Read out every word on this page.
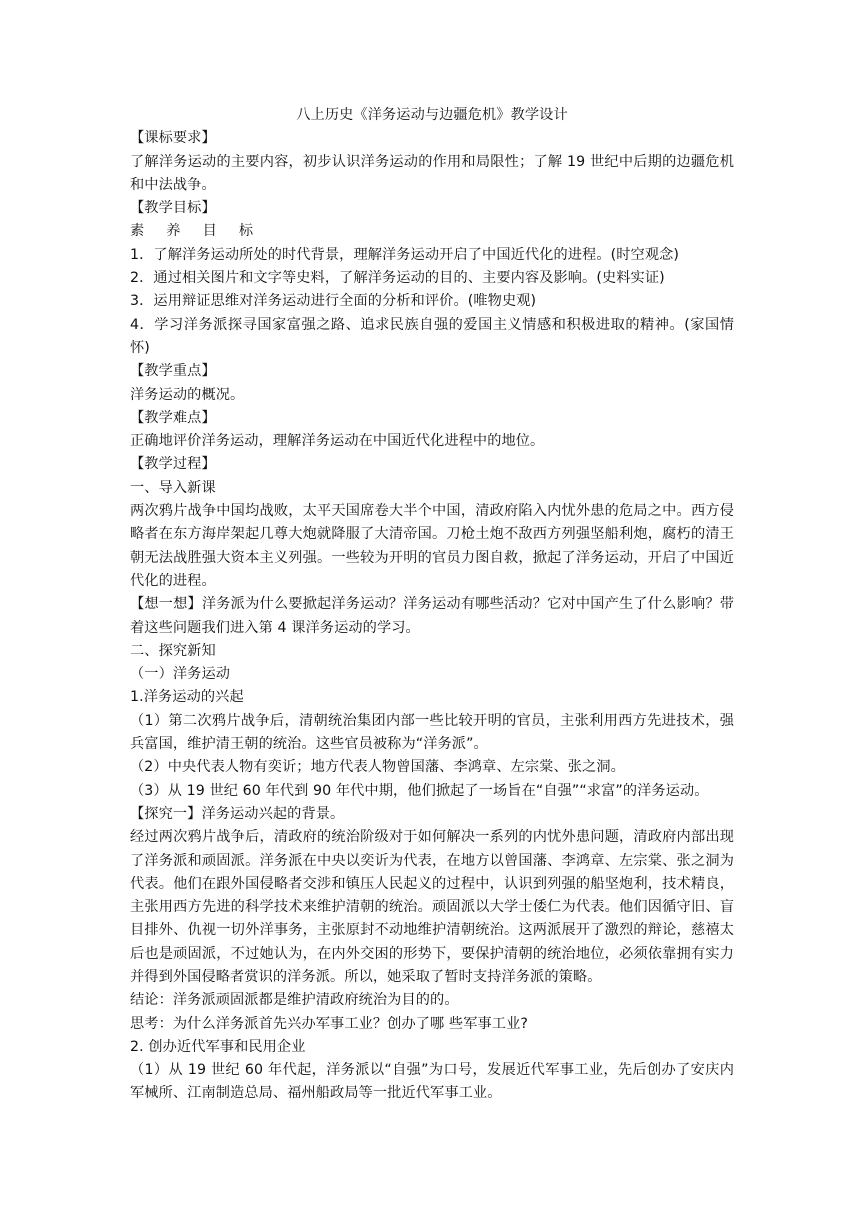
八上历史《洋务运动与边疆危机》教学设计
【课标要求】
了解洋务运动的主要内容，初步认识洋务运动的作用和局限性；了解 19 世纪中后期的边疆危机和中法战争。
【教学目标】
素 养 目 标
1．了解洋务运动所处的时代背景，理解洋务运动开启了中国近代化的进程。(时空观念)
2．通过相关图片和文字等史料，了解洋务运动的目的、主要内容及影响。(史料实证)
3．运用辩证思维对洋务运动进行全面的分析和评价。(唯物史观)
4．学习洋务派探寻国家富强之路、追求民族自强的爱国主义情感和积极进取的精神。(家国情怀)
【教学重点】
洋务运动的概况。
【教学难点】
正确地评价洋务运动，理解洋务运动在中国近代化进程中的地位。
【教学过程】
一、导入新课
两次鸦片战争中国均战败，太平天国席卷大半个中国，清政府陷入内忧外患的危局之中。西方侵略者在东方海岸架起几尊大炮就降服了大清帝国。刀枪土炮不敌西方列强坚船利炮，腐朽的清王朝无法战胜强大资本主义列强。一些较为开明的官员力图自救，掀起了洋务运动，开启了中国近代化的进程。
【想一想】洋务派为什么要掀起洋务运动？洋务运动有哪些活动？它对中国产生了什么影响？带着这些问题我们进入第 4 课洋务运动的学习。
二、探究新知
（一）洋务运动
1.洋务运动的兴起
（1）第二次鸦片战争后，清朝统治集团内部一些比较开明的官员，主张利用西方先进技术，强兵富国，维护清王朝的统治。这些官员被称为“洋务派”。
（2）中央代表人物有奕䜣；地方代表人物曾国藩、李鸿章、左宗棠、张之洞。
（3）从 19 世纪 60 年代到 90 年代中期，他们掀起了一场旨在“自强”“求富”的洋务运动。
【探究一】洋务运动兴起的背景。
经过两次鸦片战争后，清政府的统治阶级对于如何解决一系列的内忧外患问题，清政府内部出现了洋务派和顽固派。洋务派在中央以奕䜣为代表，在地方以曾国藩、李鸿章、左宗棠、张之洞为代表。他们在跟外国侵略者交涉和镇压人民起义的过程中，认识到列强的船坚炮利，技术精良，主张用西方先进的科学技术来维护清朝的统治。顽固派以大学士倭仁为代表。他们因循守旧、盲目排外、仇视一切外洋事务，主张原封不动地维护清朝统治。这两派展开了激烈的辩论，慈禧太后也是顽固派，不过她认为，在内外交困的形势下，要保护清朝的统治地位，必须依靠拥有实力并得到外国侵略者赏识的洋务派。所以，她采取了暂时支持洋务派的策略。
结论：洋务派顽固派都是维护清政府统治为目的的。
思考：为什么洋务派首先兴办军事工业？创办了哪 些军事工业?
2. 创办近代军事和民用企业
（1）从 19 世纪 60 年代起，洋务派以“自强”为口号，发展近代军事工业，先后创办了安庆内军械所、江南制造总局、福州船政局等一批近代军事工业。
